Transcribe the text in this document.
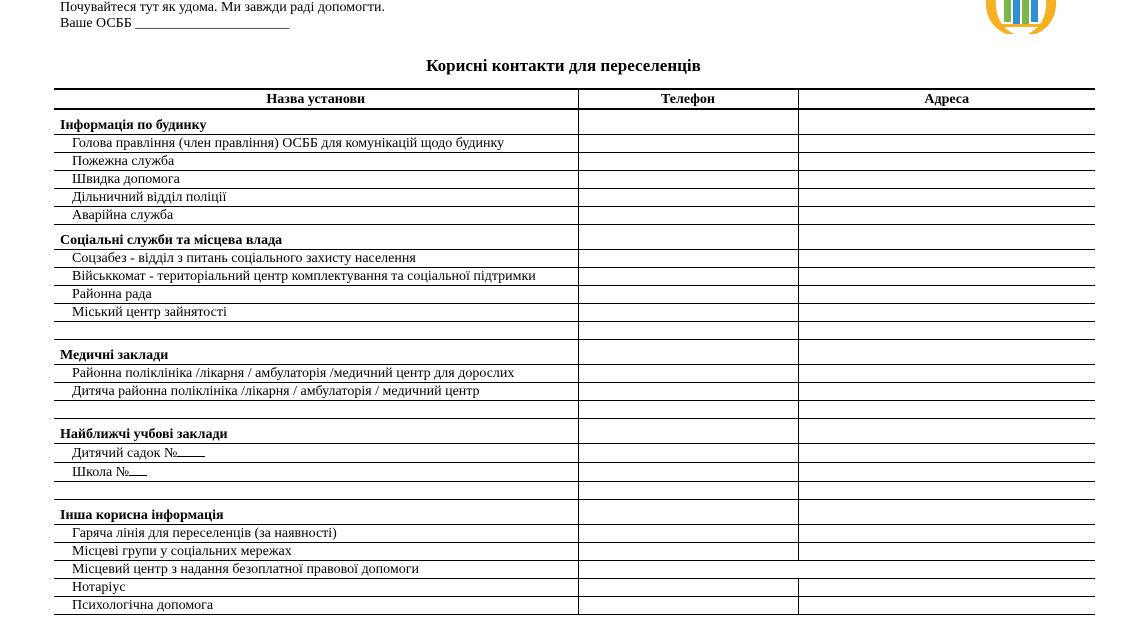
Почувайтеся тут як удома. Ми завжди раді допомогти.
Ваше ОСББ ______________________
Корисні контакти для переселенців
Назва установи	Телефон	Адреса
Інформація по будинку		
Голова правління (член правління) ОСББ для комунікацій щодо будинку		
Пожежна служба		
Швидка допомога		
Дільничний відділ поліції		
Аварійна служба		
Соціальні служби та місцева влада		
Соцзабез - відділ з питань соціального захисту населення		
Військкомат - територіальний центр комплектування та соціальної підтримки		
Районна рада		
Міський центр зайнятості		

Медичні заклади		
Районна поліклініка /лікарня / амбулаторія /медичний центр для дорослих		
Дитяча районна поліклініка /лікарня / амбулаторія / медичний центр		

Найближчі учбові заклади		
Дитячий садок №		
Школа №		

Інша корисна інформація		
Гаряча лінія для переселенців (за наявності)		
Місцеві групи у соціальних мережах		
Місцевий центр з надання безоплатної правової допомоги		
Нотаріус		
Психологічна допомога		
